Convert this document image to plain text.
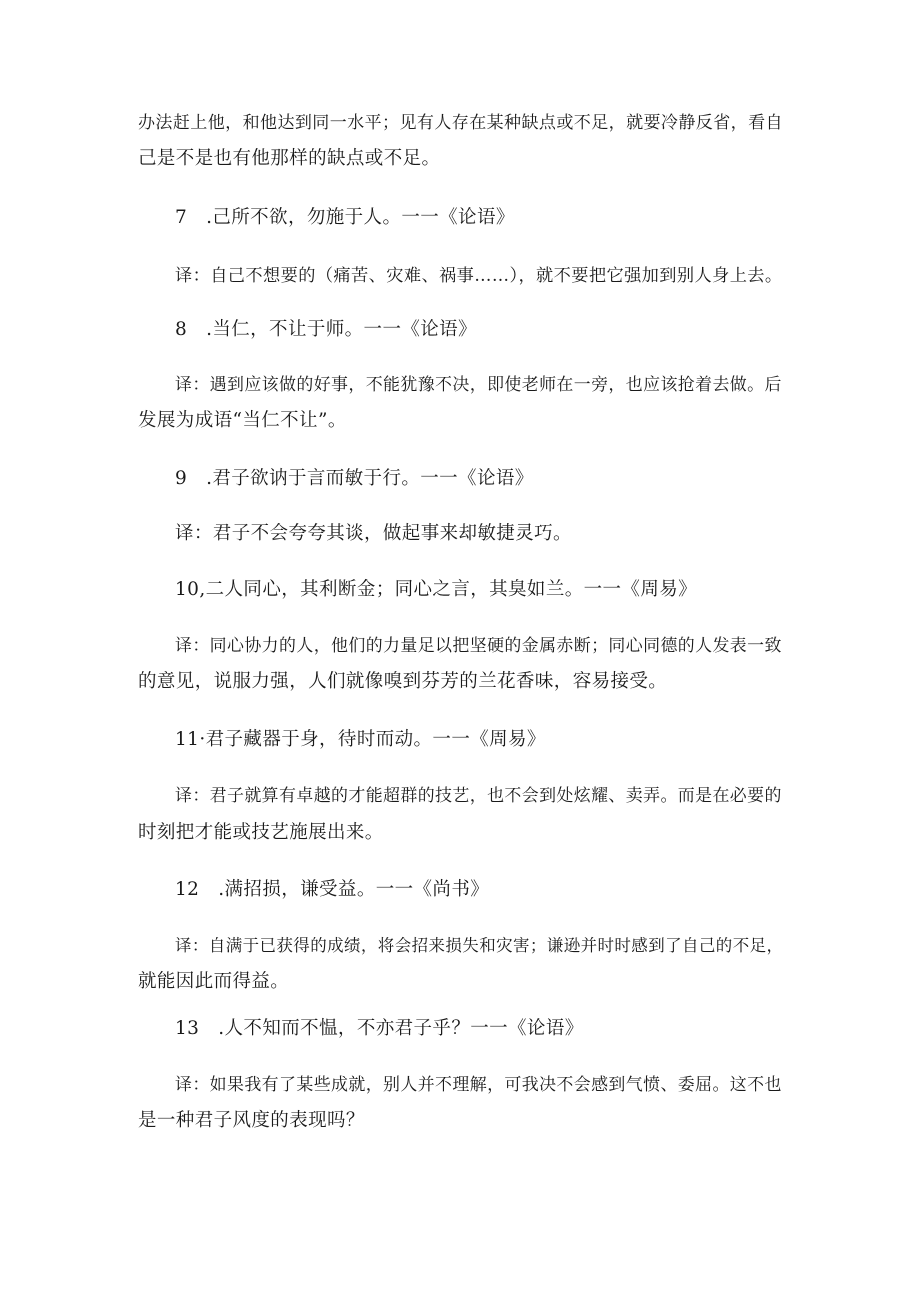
办法赶上他，和他达到同一水平；见有人存在某种缺点或不足，就要冷静反省，看自
己是不是也有他那样的缺点或不足。
7　.己所不欲，勿施于人。一一《论语》
译：自己不想要的（痛苦、灾难、祸事……），就不要把它强加到别人身上去。
8　.当仁，不让于师。一一《论语》
译：遇到应该做的好事，不能犹豫不决，即使老师在一旁，也应该抢着去做。后
发展为成语“当仁不让”。
9　.君子欲讷于言而敏于行。一一《论语》
译：君子不会夸夸其谈，做起事来却敏捷灵巧。
10,二人同心，其利断金；同心之言，其臭如兰。一一《周易》
译：同心协力的人，他们的力量足以把坚硬的金属赤断；同心同德的人发表一致
的意见，说服力强，人们就像嗅到芬芳的兰花香味，容易接受。
11·君子藏器于身，待时而动。一一《周易》
译：君子就算有卓越的才能超群的技艺，也不会到处炫耀、卖弄。而是在必要的
时刻把才能或技艺施展出来。
12　.满招损，谦受益。一一《尚书》
译：自满于已获得的成绩，将会招来损失和灾害；谦逊并时时感到了自己的不足，
就能因此而得益。
13　.人不知而不愠，不亦君子乎？一一《论语》
译：如果我有了某些成就，别人并不理解，可我决不会感到气愤、委屈。这不也
是一种君子风度的表现吗？
